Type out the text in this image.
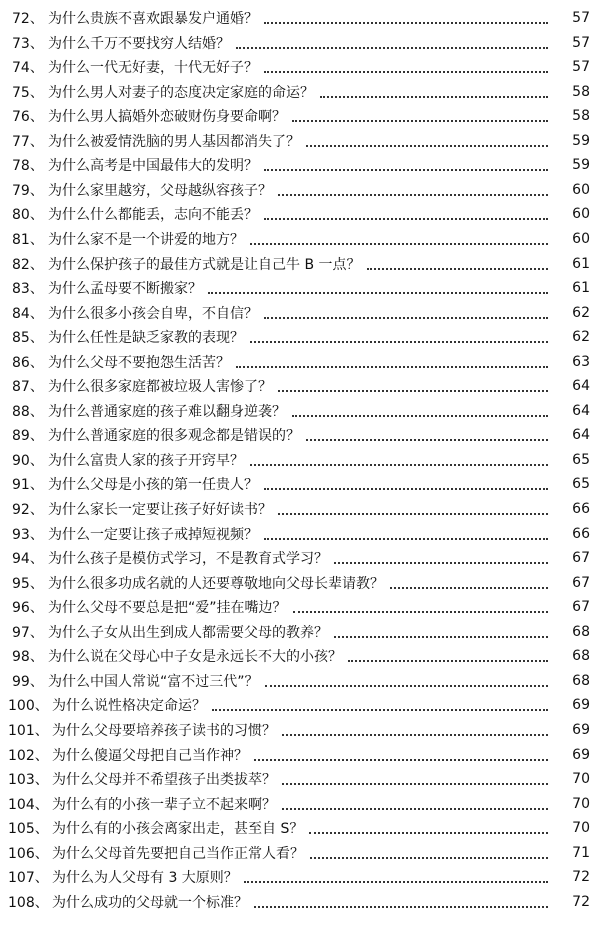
72、 为什么贵族不喜欢跟暴发户通婚？	57
73、 为什么千万不要找穷人结婚？	57
74、 为什么一代无好妻，十代无好子？	57
75、 为什么男人对妻子的态度决定家庭的命运？	58
76、 为什么男人搞婚外恋破财伤身要命啊？	58
77、 为什么被爱情洗脑的男人基因都消失了？	59
78、 为什么高考是中国最伟大的发明？	59
79、 为什么家里越穷，父母越纵容孩子？	60
80、 为什么什么都能丢，志向不能丢？	60
81、 为什么家不是一个讲爱的地方？	60
82、 为什么保护孩子的最佳方式就是让自己牛 B 一点？	61
83、 为什么孟母要不断搬家？	61
84、 为什么很多小孩会自卑，不自信？	62
85、 为什么任性是缺乏家教的表现？	62
86、 为什么父母不要抱怨生活苦？	63
87、 为什么很多家庭都被垃圾人害惨了？	64
88、 为什么普通家庭的孩子难以翻身逆袭？	64
89、 为什么普通家庭的很多观念都是错误的？	64
90、 为什么富贵人家的孩子开窍早？	65
91、 为什么父母是小孩的第一任贵人？	65
92、 为什么家长一定要让孩子好好读书？	66
93、 为什么一定要让孩子戒掉短视频？	66
94、 为什么孩子是模仿式学习，不是教育式学习？	67
95、 为什么很多功成名就的人还要尊敬地向父母长辈请教？	67
96、 为什么父母不要总是把“爱”挂在嘴边？	67
97、 为什么子女从出生到成人都需要父母的教养？	68
98、 为什么说在父母心中子女是永远长不大的小孩？	68
99、 为什么中国人常说“富不过三代”？	68
100、 为什么说性格决定命运？	69
101、 为什么父母要培养孩子读书的习惯？	69
102、 为什么傻逼父母把自己当作神？	69
103、 为什么父母并不希望孩子出类拔萃？	70
104、 为什么有的小孩一辈子立不起来啊？	70
105、 为什么有的小孩会离家出走，甚至自 S？	70
106、 为什么父母首先要把自己当作正常人看？	71
107、 为什么为人父母有 3 大原则？	72
108、 为什么成功的父母就一个标准？	72
